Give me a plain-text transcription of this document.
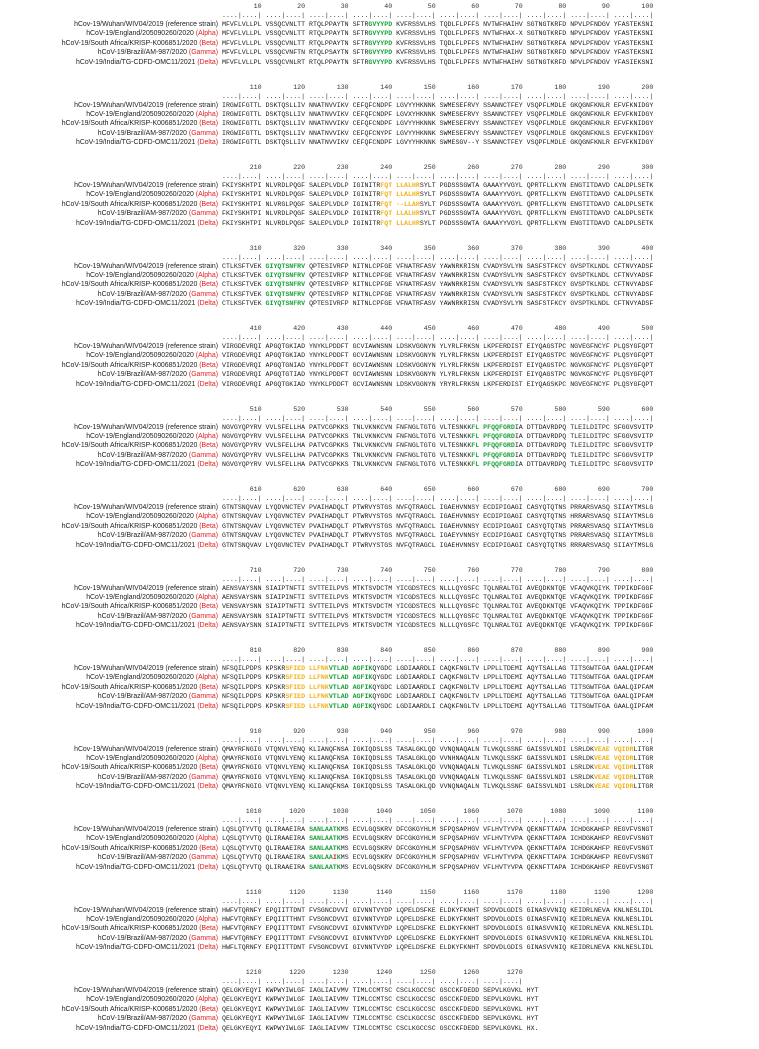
10         20         30         40         50         60         70         80         90        100
....|....| ....|....| ....|....| ....|....| ....|....| ....|....| ....|....| ....|....| ....|....| ....|....|
hCov-19/Wuhan/WIV04/2019 (reference strain) MFVFLVLLPL VSSQCVNLTT RTQLPPAYTN SFTRGVYYPD KVFRSSVLHS TQDLFLPFFS NVTWFHAIHV SGTNGTKRFD NPVLPFNDGV YFASTEKSNI
hCoV-19/England/205090260/2020 (Alpha) MFVFLVLLPL VSSQCVNLTT RTQLPPAYTN SFTRGVYYPD KVFRSSVLHS TQDLFLPFFS NVTWFHAX-X SGTNGTKRFD NPVLPFNDGV YFASTEKSNI
hCoV-19/South Africa/KRISP-K006851/2020 (Beta) MFVFLVLLPL VSSQCVNLTT RTQLPPAYTN SFTRGVYYPD KVFRSSVLHS TQDLFLPFFS NVTWFHAIHV SGTNGTKRFA NPVLPFNDGV YFASTEKSNI
hCoV-19/Brazil/AM-987/2020 (Gamma) MFVFLVLLPL VSSQCVNFTN RTQLPSAYTN SFTRGVYYPD KVFRSSVLHS TQDLFLPFFS NVTWFHAIHV SGTNGTKRFD NPVLPFNDGV YFASTEKSNI
hCoV-19/India/TG-CDFD-OMC11/2021 (Delta) MFVFLVLLPL VSSQCVNLRT RTQLPPAYTN SFTRGVYYPD KVFRSSVLHS TQDLFLPFFS NVTWFHAIHV SGTNGTKRFD NPVLPFNDGV YFASIEKSNI
110        120        130        140        150        160        170        180        190        200
....|....| ....|....| ....|....| ....|....| ....|....| ....|....| ....|....| ....|....| ....|....| ....|....|
hCov-19/Wuhan/WIV04/2019 (reference strain) IRGWIFGTTL DSKTQSLLIV NNATNVVIKV CEFQFCNDPF LGVYYHKNNK SWMESEFRVY SSANNCTFEY VSQPFLMDLE GKQGNFKNLR EFVFKNIDGY
hCoV-19/England/205090260/2020 (Alpha) IRGWIFGTTL DSKTQSLLIV NNATNVVIKV CEFQFCNDPF LGVXYHKNNK SWMESEFRVY SSANNCTFEY VSQPFLMDLE GKQGNFKNLR EFVFKNIDGY
hCoV-19/South Africa/KRISP-K006851/2020 (Beta) IRGWIFGTTL DSKTQSLLIV NNATNVVIKV CEFQFCNDPF LGVYYHKNNK SWMESEFRVY SSANNCTFEY VSQPFLMDLE GKQGNFKNLR EFVFKNIDGY
hCoV-19/Brazil/AM-987/2020 (Gamma) IRGWIFGTTL DSKTQSLLIV NNATNVVIKV CEFQFCNYPF LGVYYHKNNK SWMESEFRVY SSANNCTFEY VSQPFLMDLE GKQGNFKNLS EFVFKNIDGY
hCoV-19/India/TG-CDFD-OMC11/2021 (Delta) IRGWIFGTTL DSKTQSLLIV NNATNVVIKV CEFQFCNDPF LGVYYHKNNK SWMESGV--Y SSANNCTFEY VSQPFLMDLE GKQGNFKNLR EFVFKNIDGY
210        220        230        240        250        260        270        280        290        300
....|....| ....|....| ....|....| ....|....| ....|....| ....|....| ....|....| ....|....| ....|....| ....|....|
hCov-19/Wuhan/WIV04/2019 (reference strain) FKIYSKHTPI NLVRDLPQGF SALEPLVDLP IGINITRFQT LLALHRSYLT PGDSSSGWTA GAAAYYVGYL QPRTFLLKYN ENGTITDAVD CALDPLSETK
hCoV-19/England/205090260/2020 (Alpha) FKIYSKHTPI NLVRDLPQGF SALEPLVDLP IGINITRFQT LLALHRSYLT PGDSSSGWTA GAAAYYVGYL QPRTFLLKYN ENGTITDAVD CALDPLSETK
hCoV-19/South Africa/KRISP-K006851/2020 (Beta) FKIYSKHTPI NLVRGLPQGF SALEPLVDLP IGINITRFQT --LLAHSYLT PGDSSSGWTA GAAAYYVGYL QPRTFLLKYN ENGTITDAVD CALDPLSETK
hCoV-19/Brazil/AM-987/2020 (Gamma) FKIYSKHTPI NLVRDLPQGF SALEPLVDLP IGINITRFQT LLALHRSYLT PGDSSSGWTA GAAAYYVGYL QPRTFLLKYN ENGTITDAVD CALDPLSETK
hCoV-19/India/TG-CDFD-OMC11/2021 (Delta) FKIYSKHTPI NLVRDLPQGF SALEPLVDLP IGINITRFQT LLALHRSYLT PGDSSSGWTA GAAAYYVGYL QPRTFLLKYN ENGTITDAVD CALDPLSETK
310        320        330        340        350        360        370        380        390        400
....|....| ....|....| ....|....| ....|....| ....|....| ....|....| ....|....| ....|....| ....|....| ....|....|
hCov-19/Wuhan/WIV04/2019 (reference strain) CTLKSFTVEK GIYQTSNFRV QPTESIVRFP NITNLCPFGE VFNATRFASV YAWNRKRISN CVADYSVLYN SASFSTFKCY GVSPTKLNDL CFTNVYADSF
hCoV-19/England/205090260/2020 (Alpha) CTLKSFTVEK GIYQTSNFRV QPTESIVRFP NITNLCPFGE VFNATRFASV YAWNRKRISN CVADYSVLYN SASFSTFKCY GVSPTKLNDL CFTNVYADSF
hCoV-19/South Africa/KRISP-K006851/2020 (Beta) CTLKSFTVEK GIYQTSNFRV QPTESIVRFP NITNLCPFGE VFNATRFASV YAWNRKRISN CVADYSVLYN SASFSTFKCY GVSPTKLNDL CFTNVYADSF
hCoV-19/Brazil/AM-987/2020 (Gamma) CTLKSFTVEK GIYQTSNFRV QPTESIVRFP NITNLCPFGE VFNATRFASV YAWNRKRISN CVADYSVLYN SASFSTFKCY GVSPTKLNDL CFTNVYADSF
hCoV-19/India/TG-CDFD-OMC11/2021 (Delta) CTLKSFTVEK GIYQTSNFRV QPTESIVRFP NITNLCPFGE VFNATRFASV YAWNRKRISN CVADYSVLYN SASFSTFKCY GVSPTKLNDL CFTNVYADSF
410        420        430        440        450        460        470        480        490        500
....|....| ....|....| ....|....| ....|....| ....|....| ....|....| ....|....| ....|....| ....|....| ....|....|
hCov-19/Wuhan/WIV04/2019 (reference strain) VIRGDEVRQI APGQTGKIAD YNYKLPDDFT GCVIAWNSNN LDSKVGGNYN YLYRLFRKSN LKPFERDIST EIYQAGSTPC NGVEGFNCYF PLQSYGFQPT
hCoV-19/England/205090260/2020 (Alpha) VIRGDEVRQI APGQTGKIAD YNYKLPDDFT GCVIAWNSNN LDSKVGGNYN YLYRLFRKSN LKPFERDIST EIYQAGSTPC NGVEGFNCYF PLQSYGFQPT
hCoV-19/South Africa/KRISP-K006851/2020 (Beta) VIRGDEVRQI APGQTGNIAD YNYKLPDDFT GCVIAWNSNN LDSKVGGNYN YLYRLFRKSN LKPFERDIST EIYQAGSTPC NGVKGFNCYF PLQSYGFQPT
hCoV-19/Brazil/AM-987/2020 (Gamma) VIRGDEVRQI APGQTGTIAD YNYKLPDDFT GCVIAWNSNN LDSKVGGNYN YLYRLFRKSN LKPFERDIST EIYQAGSTPC NGVKGFNCYF PLQSYGFQPT
hCoV-19/India/TG-CDFD-OMC11/2021 (Delta) VIRGDEVRQI APGQTGKIAD YNYKLPDDFT GCVIAWNSNN LDSKVGGNYN YRYRLFRKSN LKPFERDIST EIYQAGSKPC NGVEGFNCYF PLQSYGFQPT
510        520        530        540        550        560        570        580        590        600
....|....| ....|....| ....|....| ....|....| ....|....| ....|....| ....|....| ....|....| ....|....| ....|....|
hCov-19/Wuhan/WIV04/2019 (reference strain) NGVGYQPYRV VVLSFELLHA PATVCGPKKS TNLVKNKCVN FNFNGLTGTG VLTESNKKFL PFQQFGRDIA DTTDAVRDPQ TLEILDITPC SFGGVSVITP
hCoV-19/England/205090260/2020 (Alpha) NGVGYQPYRV VVLSFELLHA PATVCGPKKS TNLVKNKCVN FNFNGLTGTG VLTESNKKFL PFQQFGRDIA DTTDAVRDPQ TLEILDITPC SFGGVSVITP
hCoV-19/South Africa/KRISP-K006851/2020 (Beta) NGVGYQPYRV VVLSFELLHA PATVCGPKKS TNLVKNKCVN FNFNGLTGTG VLTESNKKFL PFQQFGRDIA DTTDAVRDPQ TLEILDITPC SFGGVSVITP
hCoV-19/Brazil/AM-987/2020 (Gamma) NGVGYQPYRV VVLSFELLHA PATVCGPKKS TNLVKNKCVN FNFNGLTGTG VLTESNKKFL PFQQFGRDIA DTTDAVRDPQ TLEILDITPC SFGGVSVITP
hCoV-19/India/TG-CDFD-OMC11/2021 (Delta) NGVGYQPYRV VVLSFELLHA PATVCGPKKS TNLVKNKCVN FNFNGLTGTG VLTESNKKFL PFQQFGRDIA DTTDAVRDPQ TLEILDITPC SFGGVSVITP
610        620        630        640        650        660        670        680        690        700
....|....| ....|....| ....|....| ....|....| ....|....| ....|....| ....|....| ....|....| ....|....| ....|....|
hCov-19/Wuhan/WIV04/2019 (reference strain) GTNTSNQVAV LYQDVNCTEV PVAIHADQLT PTWRVYSTGS NVFQTRAGCL IGAEHVNNSY ECDIPIGAGI CASYQTQTNS PRRARSVASQ SIIAYTMSLG
hCoV-19/England/205090260/2020 (Alpha) GTNTSNQVAV LYQGVNCTEV PVAIHADQLT PTWRVYSTGS NVFQTRAGCL IGAEHVNNSY ECDIPIGAGI CASYQTQTNS HRRARSVASQ SIIAYTMSLG
hCoV-19/South Africa/KRISP-K006851/2020 (Beta) GTNTSNQVAV LYQGVNCTEV PVAIHADQLT PTWRVYSTGS NVFQTRAGCL IGAEHVNNSY ECDIPIGAGI CASYQTQTNS PRRARSVASQ SIIAYTMSLG
hCoV-19/Brazil/AM-987/2020 (Gamma) GTNTSNQVAV LYQGVNCTEV PVAIHADQLT PTWRVYSTGS NVFQTRAGCL IGAEYVNNSY ECDIPIGAGI CASYQTQTNS PRRARSVASQ SIIAYTMSLG
hCoV-19/India/TG-CDFD-OMC11/2021 (Delta) GTNTSNQVAV LYQGVNCTEV PVAIHADQLT PTWRVYSTGS NVFQTRAGCL IGAEHVNNSY ECDIPIGAGI CASYQTQTNS RRRARSVASQ SIIAYTMSLG
710        720        730        740        750        760        770        780        790        800
....|....| ....|....| ....|....| ....|....| ....|....| ....|....| ....|....| ....|....| ....|....| ....|....|
hCov-19/Wuhan/WIV04/2019 (reference strain) AENSVAYSNN SIAIPTNFTI SVTTEILPVS MTKTSVDCTM YICGDSTECS NLLLQYGSFC TQLNRALTGI AVEQDKNTQE VFAQVKQIYK TPPIKDFGGF
hCoV-19/England/205090260/2020 (Alpha) AENSVAYSNN SIAIPINFTI SVTTEILPVS MTKTSVDCTM YICGDSTECS NLLLQYGSFC TQLNRALTGI AVEQDKNTQE VFAQVKQIYK TPPIKDFGGF
hCoV-19/South Africa/KRISP-K006851/2020 (Beta) VENSVAYSNN SIAIPTNFTI SVTTEILPVS MTKTSVDCTM YICGDSTECS NLLLQYGSFC TQLNRALTGI AVEQDKNTQE VFAQVKQIYK TPPIKDFGGF
hCoV-19/Brazil/AM-987/2020 (Gamma) AENSVAYSNN SIAIPTNFTI SVTTEILPVS MTKTSVDCTM YICGDSTECS NLLLQYGSFC TQLNRALTGI AVEQDKNTQE VFAQVKQIYK TPPIKDFGGF
hCoV-19/India/TG-CDFD-OMC11/2021 (Delta) AENSVAYSNN SIAIPTNFTI SVTTEILPVS MTKTSVDCTM YICGDSTECS NLLLQYGSFC TQLNRALTGI AVEQDKNTQE VFAQVKQIYK TPPIKDFGGF
810        820        830        840        850        860        870        880        890        900
....|....| ....|....| ....|....| ....|....| ....|....| ....|....| ....|....| ....|....| ....|....| ....|....|
hCov-19/Wuhan/WIV04/2019 (reference strain) NFSQILPDPS KPSKRSFIED LLFNKVTLAD AGFIKQYGDC LGDIAARDLI CAQKFNGLTV LPPLLTDEMI AQYTSALLAG TITSGWTFGA GAALQIPFAM
hCoV-19/England/205090260/2020 (Alpha) NFSQILPDPS KPSKRSFIED LLFNKVTLAD AGFIKQYGDC LGDIAARDLI CAQKFNGLTV LPPLLTDEMI AQYTSALLAG TITSGWTFGA GAALQIPFAM
hCoV-19/South Africa/KRISP-K006851/2020 (Beta) NFSQILPDPS KPSKRSFIED LLFNKVTLAD AGFIKQYGDC LGDIAARDLI CAQKFNGLTV LPPLLTDEMI AQYTSALLAG TITSGWTFGA GAALQIPFAM
hCoV-19/Brazil/AM-987/2020 (Gamma) NFSQILPDPS KPSKRSFIED LLFNKVTLAD AGFIKQYGDC LGDIAARDLI CAQKFNGLTV LPPLLTDEMI AQYTSALLAG TITSGWTFGA GAALQIPFAM
hCoV-19/India/TG-CDFD-OMC11/2021 (Delta) NFSQILPDPS KPSKRSFIED LLFNKVTLAD AGFIKQYGDC LGDIAARDLI CAQKFNGLTV LPPLLTDEMI AQYTSALLAG TITSGWTFGA GAALQIPFAM
910        920        930        940        950        960        970        980        990       1000
....|....| ....|....| ....|....| ....|....| ....|....| ....|....| ....|....| ....|....| ....|....| ....|....|
hCov-19/Wuhan/WIV04/2019 (reference strain) QMAYRFNGIG VTQNVLYENQ KLIANQFNSA IGKIQDSLSS TASALGKLQD VVNQNAQALN TLVKQLSSNF GAISSVLNDI LSRLDKVEAE VQIDRLITGR
hCoV-19/England/205090260/2020 (Alpha) QMAYRFNGIG VTQNVLYENQ KLIANQFNSA IGKIQDSLSS TASALGKLQD VVNHNAQALN TLVKQLSSKF GAISSVLNDI LSRLDKVEAE VQIDRLITGR
hCoV-19/South Africa/KRISP-K006851/2020 (Beta) QMAYRFNGIG VTQNVLYENQ KLIANQFNSA IGKIQDSLSS TASALGKLQD VVNQNAQALN TLVKQLSSNF GAISSVLNDI LSRLDKVEAE VQIDRLITGR
hCoV-19/Brazil/AM-987/2020 (Gamma) QMAYRFNGIG VTQNVLYENQ KLIANQFNSA IGKIQDSLSS TASALGKLQD VVNQNAQALN TLVKQLSSNF GAISSVLNDI LSRLDKVEAE VQIDRLITGR
hCoV-19/India/TG-CDFD-OMC11/2021 (Delta) QMAYRFNGIG VTQNVLYENQ KLIANQFNSA IGKIQDSLSS TASALGKLQD VVNQNAQALN TLVKQLSSNF GAISSVLNDI LSRLDKVEAE VQIDRLITGR
1010       1020       1030       1040       1050       1060       1070       1080       1090       1100
....|....| ....|....| ....|....| ....|....| ....|....| ....|....| ....|....| ....|....| ....|....| ....|....|
hCov-19/Wuhan/WIV04/2019 (reference strain) LQSLQTYVTQ QLIRAAEIRA SANLAATKMS ECVLGQSKRV DFCGKGYHLM SFPQSAPHGV VFLHVTYVPA QEKNFTTAPA ICHDGKAHFP REGVFVSNGT
hCoV-19/England/205090260/2020 (Alpha) LQSLQTYVTQ QLIRAAEIRA SANLAATKMS ECVLGQSKRV DFCGKGYHLM SFPQSAPHGV VFLHVTYVPA QEKNFTTAPA ICHDGKAHFP REGVFVSNGT
hCoV-19/South Africa/KRISP-K006851/2020 (Beta) LQSLQTYVTQ QLIRAAEIRA SANLAATKMS ECVLGQSKRV DFCGKGYHLM SFPQSAPHGV VFLHVTYVPA QEKNFTTAPA ICHDGKAHFP REGVFVSNGT
hCoV-19/Brazil/AM-987/2020 (Gamma) LQSLQTYVTQ QLIRAAEIRA SANLAAIKMS ECVLGQSKRV DFCGKGYHLM SFPQSAPHGV VFLHVTYVPA QEKNFTTAPA ICHDGKAHFP REGVFVSNGT
hCoV-19/India/TG-CDFD-OMC11/2021 (Delta) LQSLQTYVTQ QLIRAAEIRA SANLAATKMS ECVLGQSKRV DFCGKGYHLM SFPQSAPHGV VFLHVTYVPA QEKNFTTAPA ICHDGKAHFP REGVFVSNGT
1110       1120       1130       1140       1150       1160       1170       1180       1190       1200
....|....| ....|....| ....|....| ....|....| ....|....| ....|....| ....|....| ....|....| ....|....| ....|....|
hCov-19/Wuhan/WIV04/2019 (reference strain) HWFVTQRNFY EPQIITTDNT FVSGNCDVVI GIVNNTVYDP LQPELDSFKE ELDKYFKNHT SPDVDLGDIS GINASVVNIQ KEIDRLNEVA KNLNESLIDL
hCoV-19/England/205090260/2020 (Alpha) HWFVTQRNFY EPQIITTHNT FVSGNCDVVI GIVNNTVYDP LQPELDSFKE ELDKYFKNHT SPDVDLGDIS GINASFVNIQ KEIDRLNEVA KNLNESLIDL
hCoV-19/South Africa/KRISP-K006851/2020 (Beta) HWFVTQRNFY EPQIITTDNT FVSGNCDVVI GIVNNTVYDP LQPELDSFKE ELDKYFKNHT SPDVDLGDIS GINASVVNIQ KEIDRLNEVA KNLNESLIDL
hCoV-19/Brazil/AM-987/2020 (Gamma) HWFVTQRNFY EPQIITTDNT FVSGNCDVVI GIVNNTVYDP LQPELDSFKE ELDKYFKNHT SPDVDLGDIS GINASVVNIQ KEIDRLNEVA KNLNESLIDL
hCoV-19/India/TG-CDFD-OMC11/2021 (Delta) HWFLTQRNFY EPQIITTDNT FVSGNCDVVI GIVNNTVYDP LQPELDSFKE ELDKYFKNHT SPDVDLGDIS GINASVVNIQ KEIDRLNEVA KNLNESLIDL
1210       1220       1230       1240       1250       1260       1270
....|....| ....|....| ....|....| ....|....| ....|....| ....|....| ....|....|
hCov-19/Wuhan/WIV04/2019 (reference strain) QELGKYEQYI KWPWYIWLGF IAGLIAIVMV TIMLCCMTSC CSCLKGCCSC GSCCKFDEDD SEPVLKGVKL HYT
hCoV-19/England/205090260/2020 (Alpha) QELGKYEQYI KWPWYIWLGF IAGLIAIVMV TIMLCCMTSC CSCLKGCCSC GSCCKFDEDD SEPVLKGVKL HYT
hCoV-19/South Africa/KRISP-K006851/2020 (Beta) QELGKYEQYI KWPWYIWLGF IAGLIAIVMV TIMLCCMTSC CSCLKGCCSC GSCCKFDEDD SEPVLKGVKL HYT
hCoV-19/Brazil/AM-987/2020 (Gamma) QELGKYEQYI KWPWYIWLGF IAGLIAIVMV TIMLCCMTSC CSCLKGCCSC GSCCKFDEDD SEPVLKGVKL HYT
hCoV-19/India/TG-CDFD-OMC11/2021 (Delta) QELGKYEQYI KWPWYIWLGF IAGLIAIVMV TIMLCCMTSC CSCLKGCCSC GSCCKFDEDD SEPVLKGVKL HX.
